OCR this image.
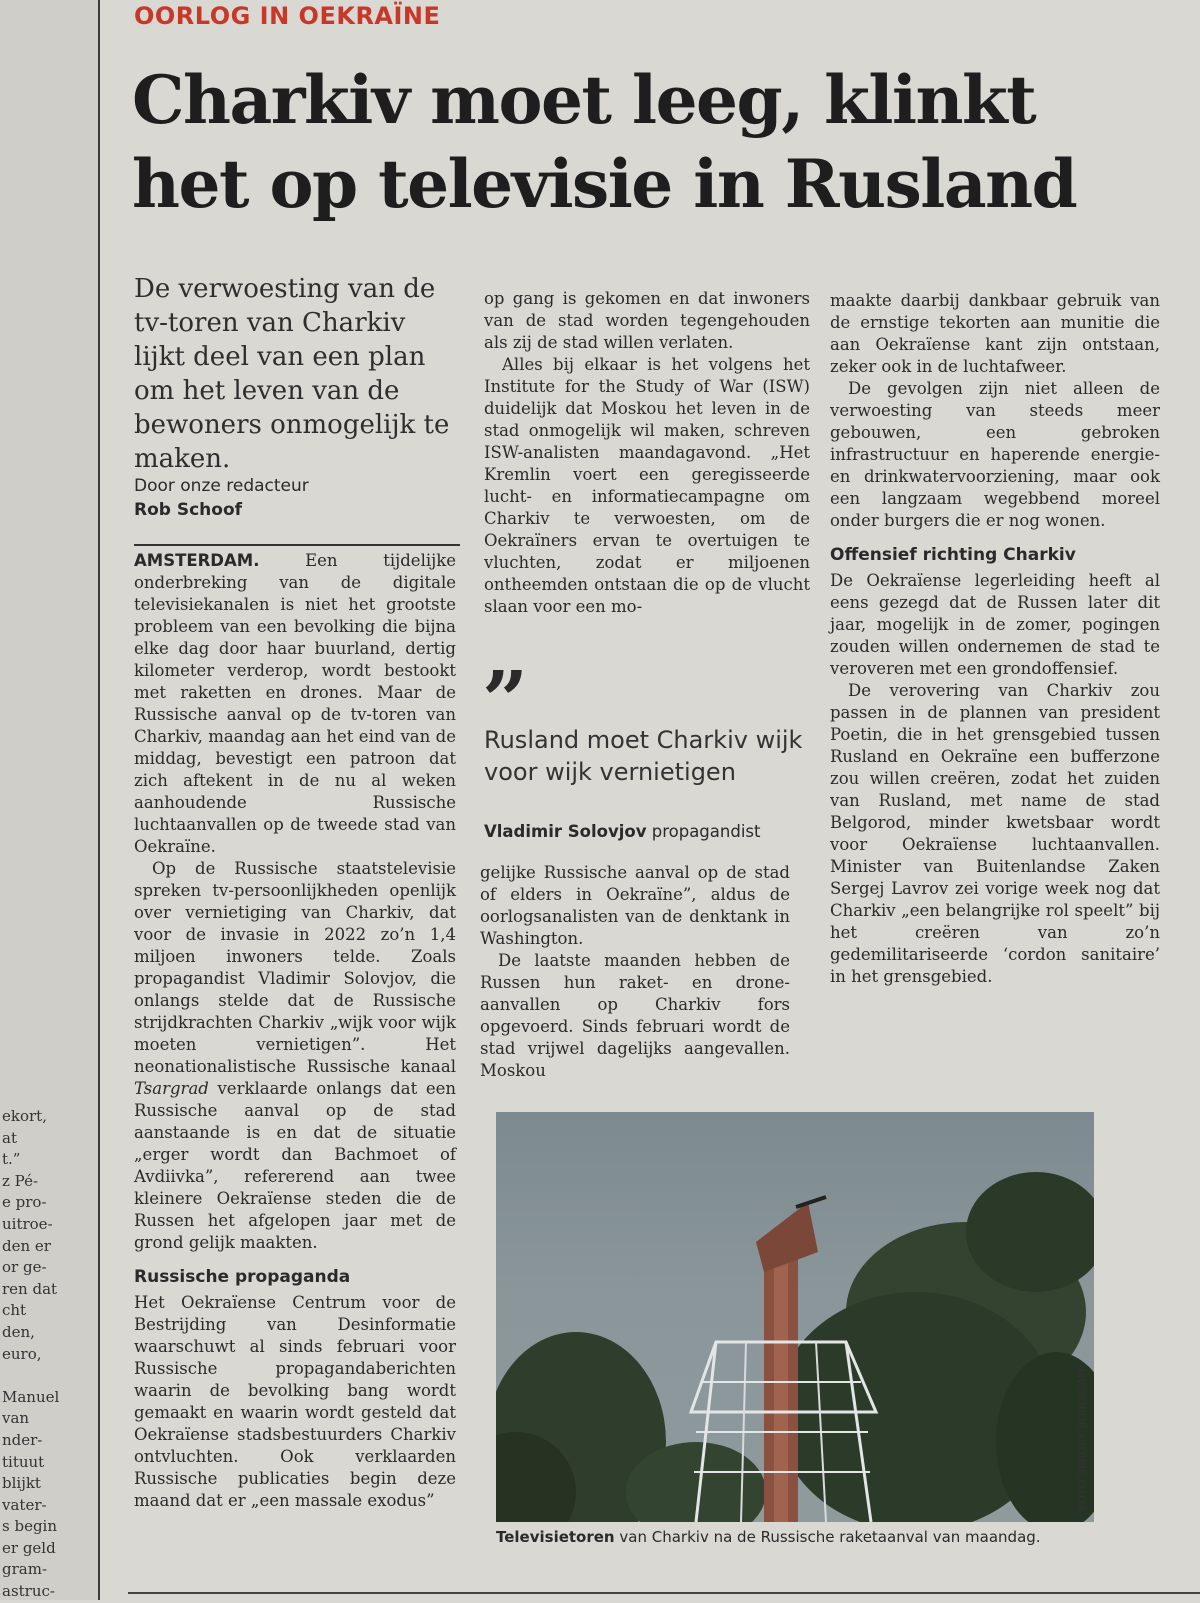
ekort,
at
t.”
z Pé-
e pro-
uitroe-
den er
or ge-
ren dat
cht
den,
euro,

Manuel
van
nder-
tituut
blijkt
vater-
s begin
er geld
gram-
astruc-
OORLOG IN OEKRAÏNE
Charkiv moet leeg, klinkt
het op televisie in Rusland
De verwoesting van de tv-toren van Charkiv lijkt deel van een plan om het leven van de bewoners onmogelijk te maken.
Door onze redacteur
Rob Schoof

AMSTERDAM.	Een tijdelijke onderbreking van de digitale televisiekanalen is niet het grootste probleem van een bevolking die bijna elke dag door haar buurland, dertig kilometer verderop, wordt bestookt met raketten en drones. Maar de Russische aanval op de tv-toren van Charkiv, maandag aan het eind van de middag, bevestigt een patroon dat zich aftekent in de nu al weken aanhoudende Russische luchtaanvallen op de tweede stad van Oekraïne.

Op de Russische staatstelevisie spreken tv-persoonlijkheden openlijk over vernietiging van Charkiv, dat voor de invasie in 2022 zo’n 1,4 miljoen inwoners telde. Zoals propagandist Vladimir Solovjov, die onlangs stelde dat de Russische strijdkrachten Charkiv „wijk voor wijk moeten vernietigen”. Het neonationalistische Russische kanaal Tsargrad verklaarde onlangs dat een Russische aanval op de stad aanstaande is en dat de situatie „erger wordt dan Bachmoet of Avdiivka”, refererend aan twee kleinere Oekraïense steden die de Russen het afgelopen jaar met de grond gelijk maakten.

Russische propaganda

Het Oekraïense Centrum voor de Bestrijding van Desinformatie waarschuwt al sinds februari voor Russische propagandaberichten waarin de bevolking bang wordt gemaakt en waarin wordt gesteld dat Oekraïense stadsbestuurders Charkiv ontvluchten. Ook verklaarden Russische publicaties begin deze maand dat er „een massale exodus”

op gang is gekomen en dat inwoners van de stad worden tegengehouden als zij de stad willen verlaten.

Alles bij elkaar is het volgens het Institute for the Study of War (ISW) duidelijk dat Moskou het leven in de stad onmogelijk wil maken, schreven ISW-analisten maandagavond. „Het Kremlin voert een geregisseerde lucht- en informatiecampagne om Charkiv te verwoesten, om de Oekraïners ervan te overtuigen te vluchten, zodat er miljoenen ontheemden ontstaan die op de vlucht slaan voor een mo-

”
Rusland moet Charkiv wijk voor wijk vernietigen
Vladimir Solovjov propagandist

gelijke Russische aanval op de stad of elders in Oekraïne”, aldus de oorlogsanalisten van de denktank in Washington.

De laatste maanden hebben de Russen hun raket- en drone-aanvallen op Charkiv fors opgevoerd. Sinds februari wordt de stad vrijwel dagelijks aangevallen. Moskou

maakte daarbij dankbaar gebruik van de ernstige tekorten aan munitie die aan Oekraïense kant zijn ontstaan, zeker ook in de luchtafweer.

De gevolgen zijn niet alleen de verwoesting van steeds meer gebouwen, een gebroken infrastructuur en haperende energie- en drinkwatervoorziening, maar ook een langzaam wegebbend moreel onder burgers die er nog wonen.

Offensief richting Charkiv

De Oekraïense legerleiding heeft al eens gezegd dat de Russen later dit jaar, mogelijk in de zomer, pogingen zouden willen ondernemen de stad te veroveren met een grondoffensief.

De verovering van Charkiv zou passen in de plannen van president Poetin, die in het grensgebied tussen Rusland en Oekraïne een bufferzone zou willen creëren, zodat het zuiden van Rusland, met name de stad Belgorod, minder kwetsbaar wordt voor Oekraïense luchtaanvallen. Minister van Buitenlandse Zaken Sergej Lavrov zei vorige week nog dat Charkiv „een belangrijke rol speelt” bij het creëren van zo’n gedemilitariseerde ‘cordon sanitaire’ in het grensgebied.

FOTO SERGEY BOBOK/AFP
Televisietoren van Charkiv na de Russische raketaanval van maandag.
